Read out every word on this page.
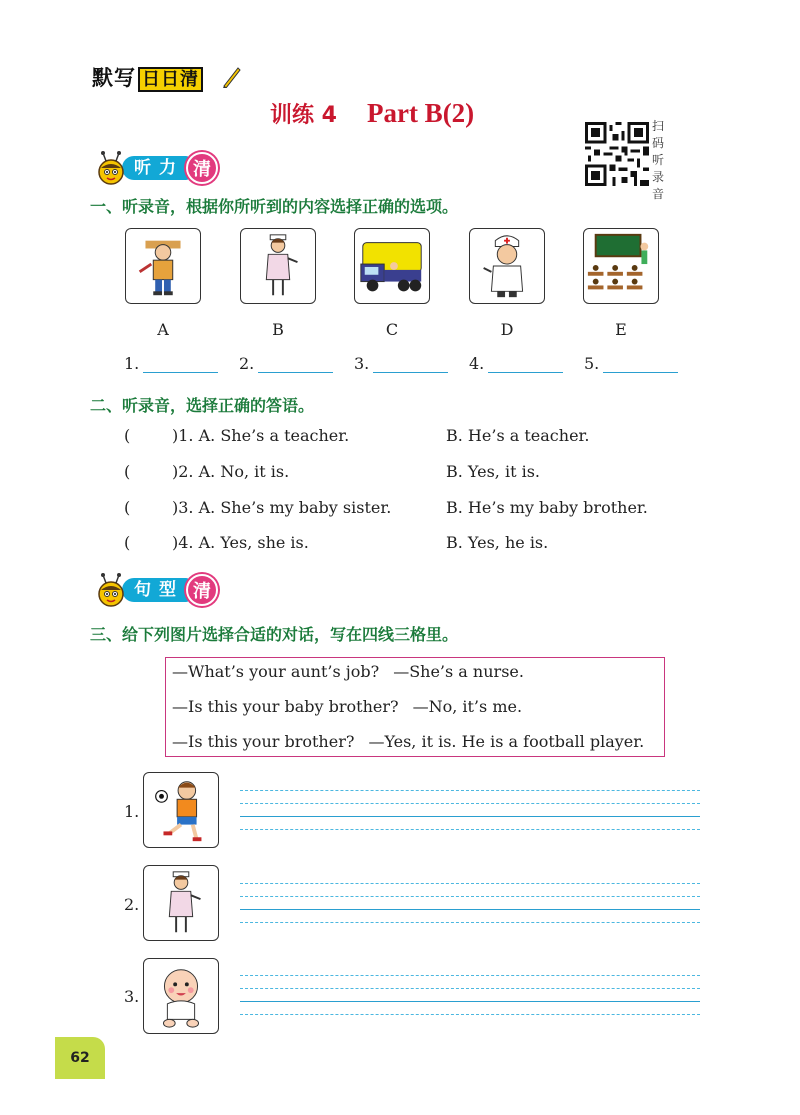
默写 日日清
训练 4 Part B(2)	扫码听录音
听力 清
一、听录音，根据你所听到的内容选择正确的选项。
A	B	C	D	E
1.	2.	3.	4.	5.
二、听录音，选择正确的答语。
(	)1. A. She’s a teacher.	B. He’s a teacher.
(	)2. A. No, it is.	B. Yes, it is.
(	)3. A. She’s my baby sister.	B. He’s my baby brother.
(	)4. A. Yes, she is.	B. Yes, he is.
句型 清
三、给下列图片选择合适的对话，写在四线三格里。
—What’s your aunt’s job? —She’s a nurse.
—Is this your baby brother? —No, it’s me.
—Is this your brother? —Yes, it is. He is a football player.
1.
2.
3.
62
